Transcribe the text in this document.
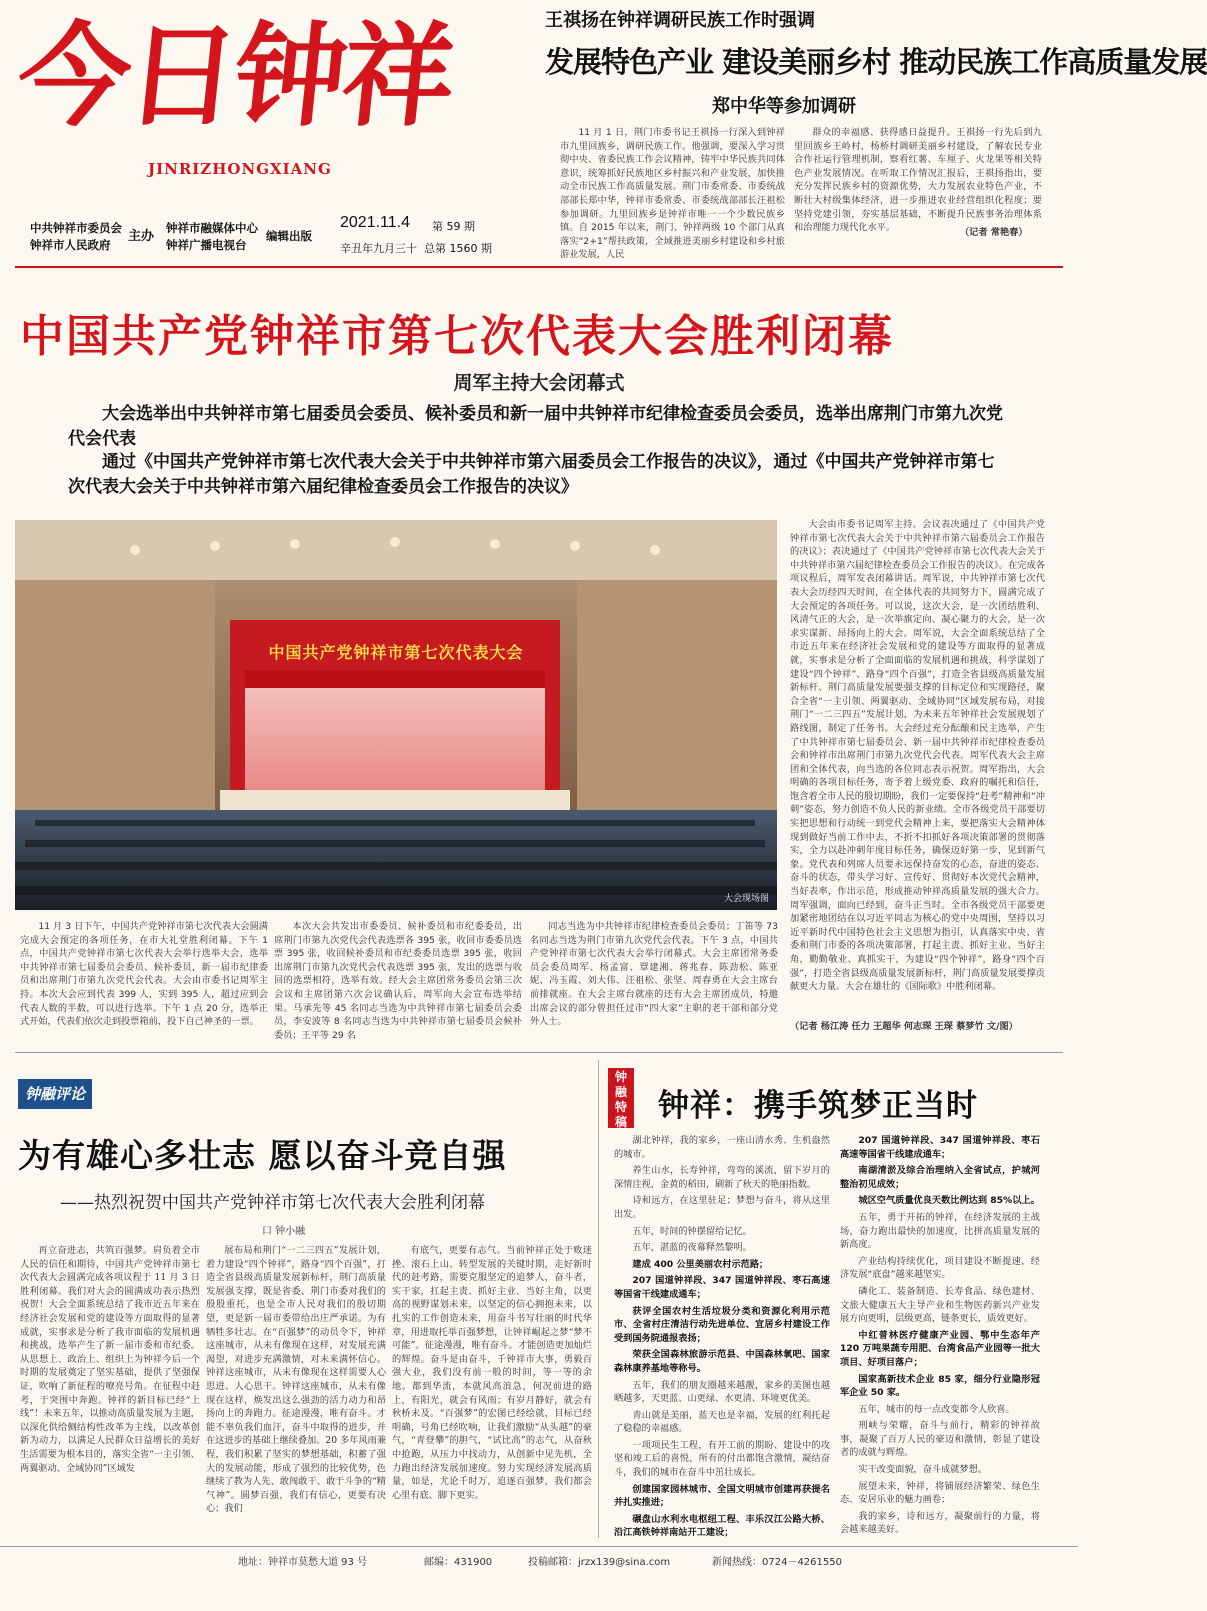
今日钟祥
JINRIZHONGXIANG
中共钟祥市委员会
钟祥市人民政府
主办
钟祥市融媒体中心
钟祥广播电视台
编辑出版
2021.11.4
辛丑年九月三十
第 59 期
总第 1560 期
王祺扬在钟祥调研民族工作时强调
发展特色产业 建设美丽乡村 推动民族工作高质量发展
郑中华等参加调研
11 月 1 日，荆门市委书记王祺扬一行深入到钟祥市九里回族乡，调研民族工作。他强调，要深入学习贯彻中央、省委民族工作会议精神，铸牢中华民族共同体意识，统筹抓好民族地区乡村振兴和产业发展，加快推动全市民族工作高质量发展。荆门市委常委、市委统战部部长郑中华，钟祥市委常委、市委统战部部长汪祖松参加调研。九里回族乡是钟祥市唯一一个少数民族乡镇。自 2015 年以来，荆门、钟祥两级 10 个部门从真落实“2+1”帮扶政策，全域推进美丽乡村建设和乡村旅游业发展，人民
群众的幸福感、获得感日益提升。王祺扬一行先后到九里回族乡王岭村，杨桥村调研美丽乡村建设，了解农民专业合作社运行管理机制，察看红薯、车厘子、火龙果等相关特色产业发展情况。在听取工作情况汇报后，王祺扬指出，要充分发挥民族乡村的资源优势，大力发展农业特色产业，不断壮大村级集体经济，进一步推进农业经营组织化程度；要坚持党建引领，夯实基层基础，不断提升民族事务治理体系和治理能力现代化水平。	（记者 常艳春）
中国共产党钟祥市第七次代表大会胜利闭幕
周军主持大会闭幕式
大会选举出中共钟祥市第七届委员会委员、候补委员和新一届中共钟祥市纪律检查委员会委员，选举出席荆门市第九次党代会代表
通过《中国共产党钟祥市第七次代表大会关于中共钟祥市第六届委员会工作报告的决议》，通过《中国共产党钟祥市第七次代表大会关于中共钟祥市第六届纪律检查委员会工作报告的决议》
中国共产党钟祥市第七次代表大会
大会现场图
大会由市委书记周军主持。会议表决通过了《中国共产党钟祥市第七次代表大会关于中共钟祥市第六届委员会工作报告的决议》；表决通过了《中国共产党钟祥市第七次代表大会关于中共钟祥市第六届纪律检查委员会工作报告的决议》。在完成各项议程后，周军发表闭幕讲话。周军说，中共钟祥市第七次代表大会历经四天时间，在全体代表的共同努力下，圆满完成了大会预定的各项任务。可以说，这次大会，是一次团结胜利、风清气正的大会，是一次举旗定向、凝心聚力的大会，是一次求实谋新、昂扬向上的大会。周军说，大会全面系统总结了全市近五年来在经济社会发展和党的建设等方面取得的显著成就，实事求是分析了全面面临的发展机遇和挑战，科学谋划了建设“四个钟祥”、路身“四个百强”，打造全省县级高质量发展新标杆、荆门高质量发展要强支撑的目标定位和实现路径，聚合全省“一主引领、两翼驱动、全域协同”区域发展布局，对接荆门“一二三四五”发展计划，为未来五年钟祥社会发展规划了路线图，制定了任务书。大会经过充分酝酿和民主选举，产生了中共钟祥市第七届委员会、新一届中共钟祥市纪律检查委员会和钟祥市出席荆门市第九次党代会代表。周军代表大会主席团和全体代表，向当选的各位同志表示祝贺。周军指出，大会明确的各项目标任务，寄予着上级党委、政府的嘱托和信任，饱含着全市人民的殷切期盼，我们一定要保持“赶考”精神和“冲刺”姿态，努力创造不负人民的新业绩。全市各级党员干部要切实把思想和行动统一到党代会精神上来，要把落实大会精神体现到做好当前工作中去，不折不扣抓好各项决策部署的贯彻落实，全力以赴冲刺年度目标任务，确保迈好第一步，见到新气象。党代表和列席人员要永远保持奋发的心态，奋进的姿态、奋斗的状态，带头学习好、宣传好、贯彻好本次党代会精神，当好表率，作出示范，形成推动钟祥高质量发展的强大合力。周军强调，面向已经到，奋斗正当时。全市各级党员干部要更加紧密地团结在以习近平同志为核心的党中央周围，坚持以习近平新时代中国特色社会主义思想为指引，认真落实中央、省委和荆门市委的各项决策部署，打起主责、抓好主业、当好主角，勤勤敬业、真抓实干，为建设“四个钟祥”，路身“四个百强”，打造全省县级高质量发展新标杆，荆门高质量发展要撑贡献更大力量。大会在雄壮的《国际歌》中胜利闭幕。
（记者 杨江涛 任力 王超华 何志琛 王琛 蔡梦竹 文/图）
11 月 3 日下午，中国共产党钟祥市第七次代表大会圆满完成大会预定的各项任务，在市大礼堂胜利闭幕。下午 1 点，中国共产党钟祥市第七次代表大会举行选举大会，选举中共钟祥市第七届委员会委员、候补委员，新一届市纪律委员和出席荆门市第九次党代会代表。大会由市委书记周军主持。本次大会应到代表 399 人，实到 395 人，超过应到会代表人数的半数，可以进行选举。下午 1 点 20 分，选举正式开始，代表们依次走到投票箱前，投下自己神圣的一票。
本次大会共发出市委委员、候补委员和市纪委委员，出席荆门市第九次党代会代表选票各 395 张，收回市委委员选票 395 张，收回候补委员和市纪委委员选票 395 张，收回出席荆门市第九次党代会代表选票 395 张，发出的选票与收回的选票相符，选举有效。经大会主席团常务委员会第三次会议和主席团第六次会议确认后，周军向大会宣布选举结果。马承先等 45 名同志当选为中共钟祥市第七届委员会委员，李安波等 8 名同志当选为中共钟祥市第七届委员会候补委员；王平等 29 名
同志当选为中共钟祥市纪律检查委员会委员；丁笛等 73 名同志当选为荆门市第九次党代会代表。下午 3 点，中国共产党钟祥市第七次代表大会举行闭幕式。大会主席团常务委员会委员周军、杨孟富、覃建湘、蒋兆春、陈劲松、陈亚妮、冯玉霞、刘大伟、汪祖松、张坚、周春勇在大会主席台前排就座。在大会主席台就座的还有大会主席团成员，特邀出席会议的部分曾担任过市“四大家”主职的老干部和部分党外人士。
钟融评论
为有雄心多壮志 愿以奋斗竞自强
——热烈祝贺中国共产党钟祥市第七次代表大会胜利闭幕
口 钟小融
再立奋进志，共筑百强梦。肩负着全市人民的信任和期待，中国共产党钟祥市第七次代表大会圆满完成各项议程于 11 月 3 日胜利闭幕。我们对大会的圆满成功表示热烈祝贺！大会全面系统总结了我市近五年来在经济社会发展和党的建设等方面取得的显著成就，实事求是分析了我市面临的发展机遇和挑战，选举产生了新一届市委和市纪委。从思想上、政治上、组织上为钟祥今后一个时期的发展奠定了坚实基础，提供了坚强保证，吹响了新征程的嘹亮号角。在征程中赶考，于突围中奔跑。钟祥的新目标已经“上线”！未来五年，以推动高质量发展为主题，以深化供给侧结构性改革为主线，以改革创新为动力，以满足人民群众日益增长的美好生活需要为根本目的，落实全省“一主引领、两翼驱动、全域协同”区域发
展布局和荆门“一二三四五”发展计划，着力建设“四个钟祥”，路身“四个百强”，打造全省县级高质量发展新标杆，荆门高质量发展强支撑，既是省委、荆门市委对我们的殷殷重托，也是全市人民对我们的殷切期望，更是新一届市委带给出庄严承诺。为有牺牲多壮志。在“百强梦”的动员令下，钟祥这座城市，从未有像现在这样，对发展充满渴望，对进步充满激情，对未来满怀信心。钟祥这座城市，从未有像现在这样需要人心思进、人心思干。钟祥这座城市，从未有像现在这样，焕发出这么强劲的活力动力和昂扬向上的奔跑力。征途漫漫，唯有奋斗。才能不辜负我们血汗，奋斗中取得的进步，并在这进步的基础上继续叠加。20 多年风雨兼程，我们积累了坚实的梦想基础，积蓄了强大的发展动能，形成了强烈的比较优势，色继续了教为人先、敢闯敢干、敢于斗争的“精气神”。圆梦百强，我们有信心，更要有决心；我们
有底气，更要有志气。当前钟祥正处于败迷挫、滚石上山、转型发展的关键时期，走好新时代的赶考路，需要克服坚定的追梦人，奋斗者，实干家，扛起主责、抓好主业、当好主角，以更高的视野谋划未来，以坚定的信心拥抱未来，以扎实的工作创造未来，用奋斗书写壮丽的时代华章，用进取托举百强梦想，让钟祥崛起之梦“梦不可能”。征途漫漫，唯有奋斗。才能创造更加灿烂的辉煌。奋斗是由奋斗，千钟祥市大事，勇毅百强大业，我们没有前一般的时间，等一等的余地。都到华流，本就风高浪急，何况前进的路上，有阳光，就会有风雨；有岁月静好，就会有秋桥未及。“百强梦”的宏图已经绘就，目标已经明确，号角已经吹响，让我们激励“从头越”的豪气，“青登攀”的胆气，“试比高”的志气，从奋秋中抢跑，从压力中找动力，从创新中见先机，全力跑出经济发展加速度。努力实现经济发展高质量，如是，尤论千时万，追逐百强梦，我们都会心里有底、脚下更实。
钟融特稿 钟祥：携手筑梦正当时

湖北钟祥，我的家乡，一座山清水秀、生机盎然的城市。

养生山水，长寿钟祥，弯弯的溪流，留下岁月的深情注视，金黄的稻田，刷新了秋天的艳丽指数。

诗和远方，在这里驻足；梦想与奋斗，将从这里出发。

五年，时间的钟摆留给记忆。

五年，湛蓝的夜幕释然黎明。

建成 400 公里美丽农村示范路；

207 国道钟祥段、347 国道钟祥段、枣石高速等国省干线建成通车；

获评全国农村生活垃圾分类和资源化利用示范市、全省村庄清洁行动先进单位、宜居乡村建设工作受到国务院通报表扬；

荣获全国森林旅游示范县、中国森林氧吧、国家森林康养基地等称号。

五年，我们的朋友圈越来越靓，家乡的美图也越晒越多，天更蓝、山更绿、水更清、环境更优美。

青山就是美丽，蓝天也是幸福，发展的红利托起了稳稳的幸福感。

一项项民生工程，有开工前的期盼、建设中的攻坚和竣工后的喜悦，所有的付出都饱含激情，凝结奋斗，我们的城市在奋斗中茁壮成长。

创建国家园林城市、全国文明城市创建再获提名并扎实推进；

碾盘山水利水电枢纽工程、丰乐汉江公路大桥、沿江高铁钟祥南站开工建设；

207 国道钟祥段、347 国道钟祥段、枣石高速等国省干线建成通车；

南湖清淤及综合治理纳入全省试点，护城河整治初见成效；

城区空气质量优良天数比例达到 85%以上。

五年，勇于开拓的钟祥，在经济发展的主战场，奋力跑出最快的加速度，比拼高质量发展的新高度。

产业结构持续优化，项目建设不断提速，经济发展“底盘”越来越坚实。

磷化工、装备制造、长寿食品、绿色建材、文旅大健康五大主导产业和生物医药新兴产业发展方向更明，层级更高，链条更长，质效更好。

中红普林医疗健康产业园、鄂中生态年产 120 万吨果蔬专用肥、台湾食品产业园等一批大项目、好项目落户；

国家高新技术企业 85 家，细分行业隐形冠军企业 50 家。

五年，城市的每一点改变都令人欣喜。

刑峡与荣耀，奋斗与前行，精彩的钟祥故事，凝聚了百万人民的豪迈和激情，彰显了建设者的成就与辉煌。

实干改变面貌，奋斗成就梦想。

展望未来，钟祥，将铺展经济繁荣、绿色生态、安居乐业的魅力画卷；

我的家乡，诗和远方，凝聚前行的力量，将会越来越美好。

地址：钟祥市莫愁大道 93 号	邮编：431900	投稿邮箱：jrzx139@sina.com	新闻热线：0724－4261550
